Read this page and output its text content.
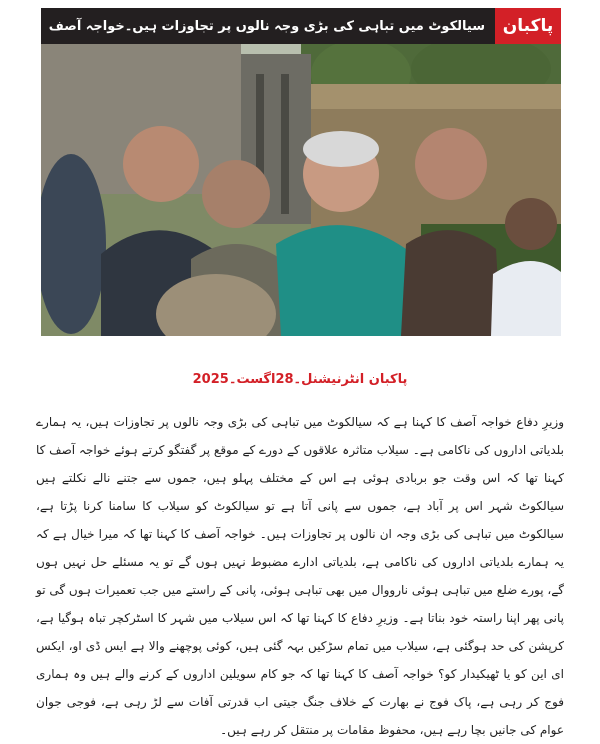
سیالکوٹ میں تباہی کی بڑی وجہ نالوں پر تجاوزات ہیں۔خواجہ آصف	پاکبان
پاکبان انٹرنیشنل۔28اگست۔2025

وزیرِ دفاع خواجہ آصف کا کہنا ہے کہ سیالکوٹ میں تباہی کی بڑی وجہ نالوں پر تجاوزات ہیں، یہ ہمارے بلدیاتی اداروں کی ناکامی ہے۔ سیلاب متاثرہ علاقوں کے دورے کے موقع پر گفتگو کرتے ہوئے خواجہ آصف کا کہنا تھا کہ اس وقت جو بربادی ہوئی ہے اس کے مختلف پہلو ہیں، جموں سے جتنے نالے نکلتے ہیں سیالکوٹ شہر اس پر آباد ہے، جموں سے پانی آتا ہے تو سیالکوٹ کو سیلاب کا سامنا کرنا پڑتا ہے، سیالکوٹ میں تباہی کی بڑی وجہ ان نالوں پر تجاوزات ہیں۔ خواجہ آصف کا کہنا تھا کہ میرا خیال ہے کہ یہ ہمارے بلدیاتی اداروں کی ناکامی ہے، بلدیاتی ادارے مضبوط نہیں ہوں گے تو یہ مسئلے حل نہیں ہوں گے، پورے ضلع میں تباہی ہوئی نارووال میں بھی تباہی ہوئی، پانی کے راستے میں جب تعمیرات ہوں گی تو پانی پھر اپنا راستہ خود بناتا ہے۔ وزیرِ دفاع کا کہنا تھا کہ اس سیلاب میں شہر کا اسٹرکچر تباہ ہوگیا ہے، کرپشن کی حد ہوگئی ہے، سیلاب میں تمام سڑکیں بہہ گئی ہیں، کوئی پوچھنے والا ہے ایس ڈی او، ایکس ای این کو یا ٹھیکیدار کو؟ خواجہ آصف کا کہنا تھا کہ جو کام سویلین اداروں کے کرنے والے ہیں وہ ہماری فوج کر رہی ہے، پاک فوج نے بھارت کے خلاف جنگ جیتی اب قدرتی آفات سے لڑ رہی ہے، فوجی جوان عوام کی جانیں بچا رہے ہیں، محفوظ مقامات پر منتقل کر رہے ہیں۔
